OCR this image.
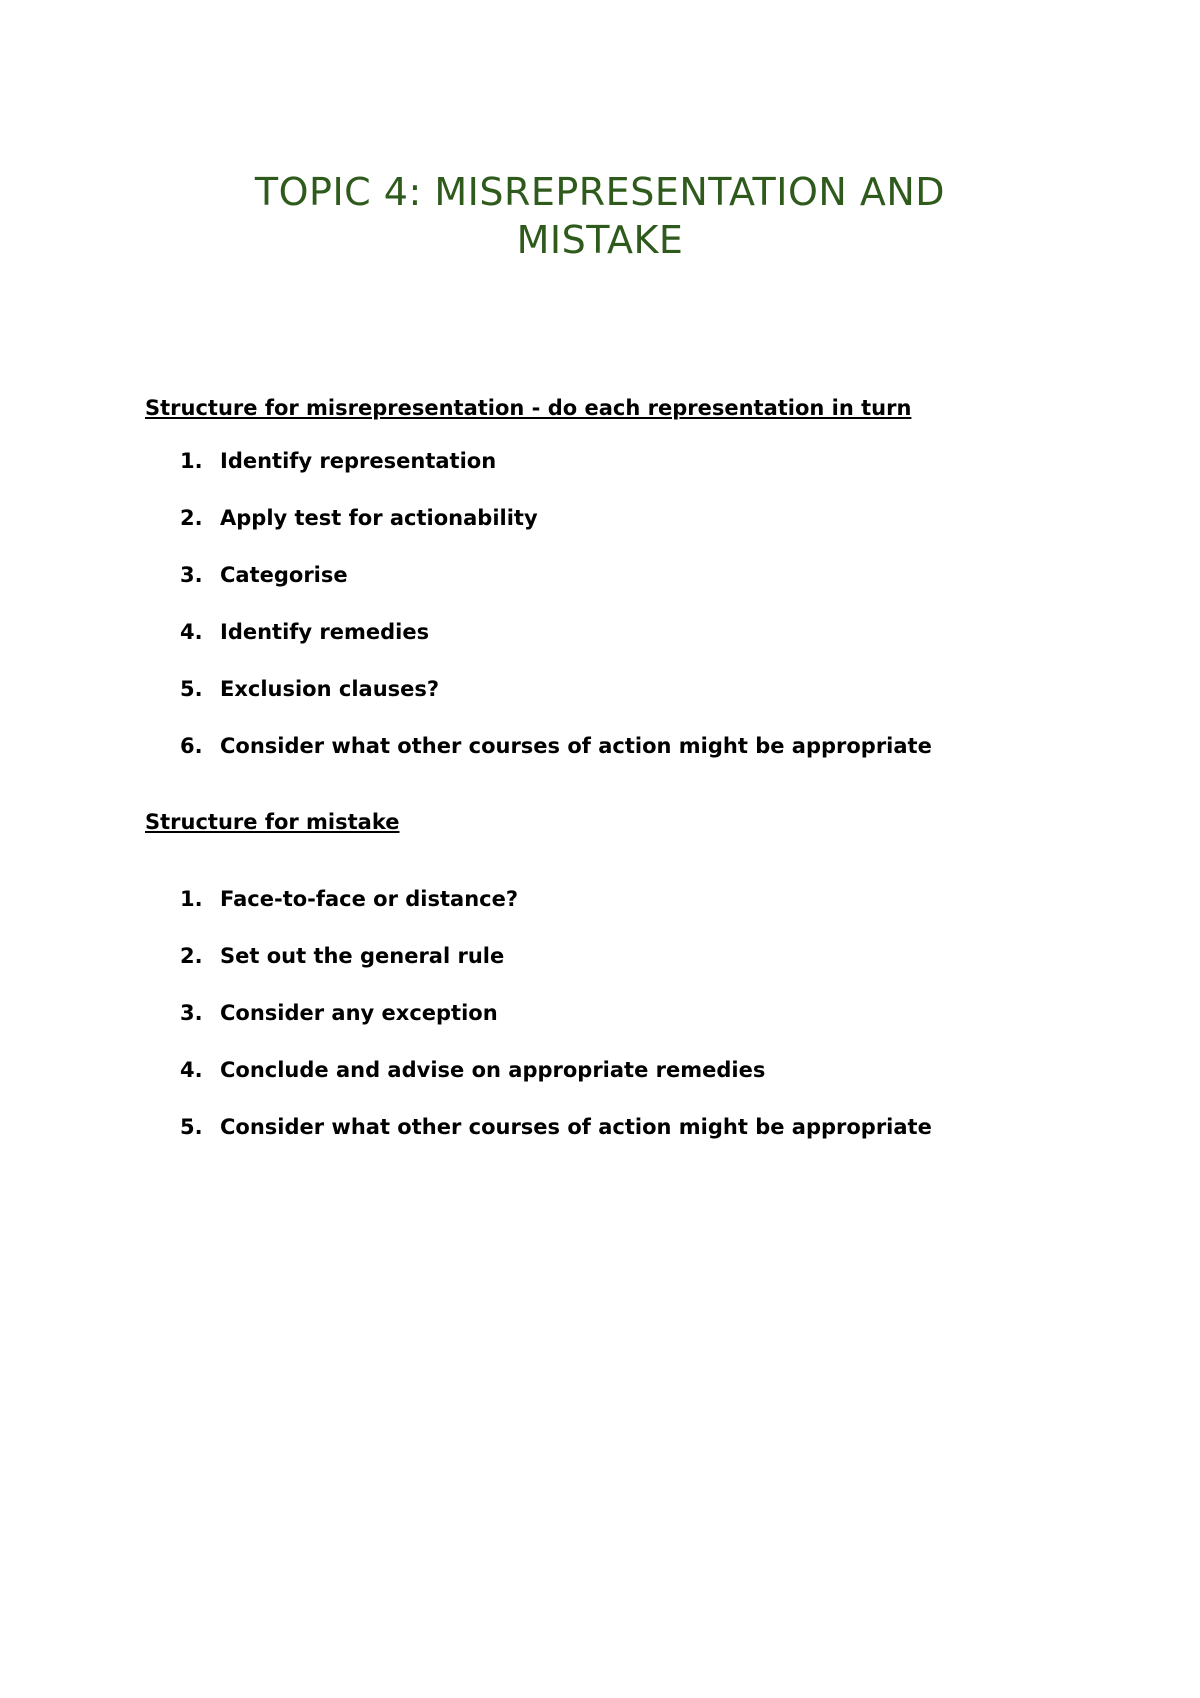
TOPIC 4: MISREPRESENTATION AND
MISTAKE
Structure for misrepresentation - do each representation in turn
1. Identify representation
2. Apply test for actionability
3. Categorise
4. Identify remedies
5. Exclusion clauses?
6. Consider what other courses of action might be appropriate
Structure for mistake
1. Face-to-face or distance?
2. Set out the general rule
3. Consider any exception
4. Conclude and advise on appropriate remedies
5. Consider what other courses of action might be appropriate
